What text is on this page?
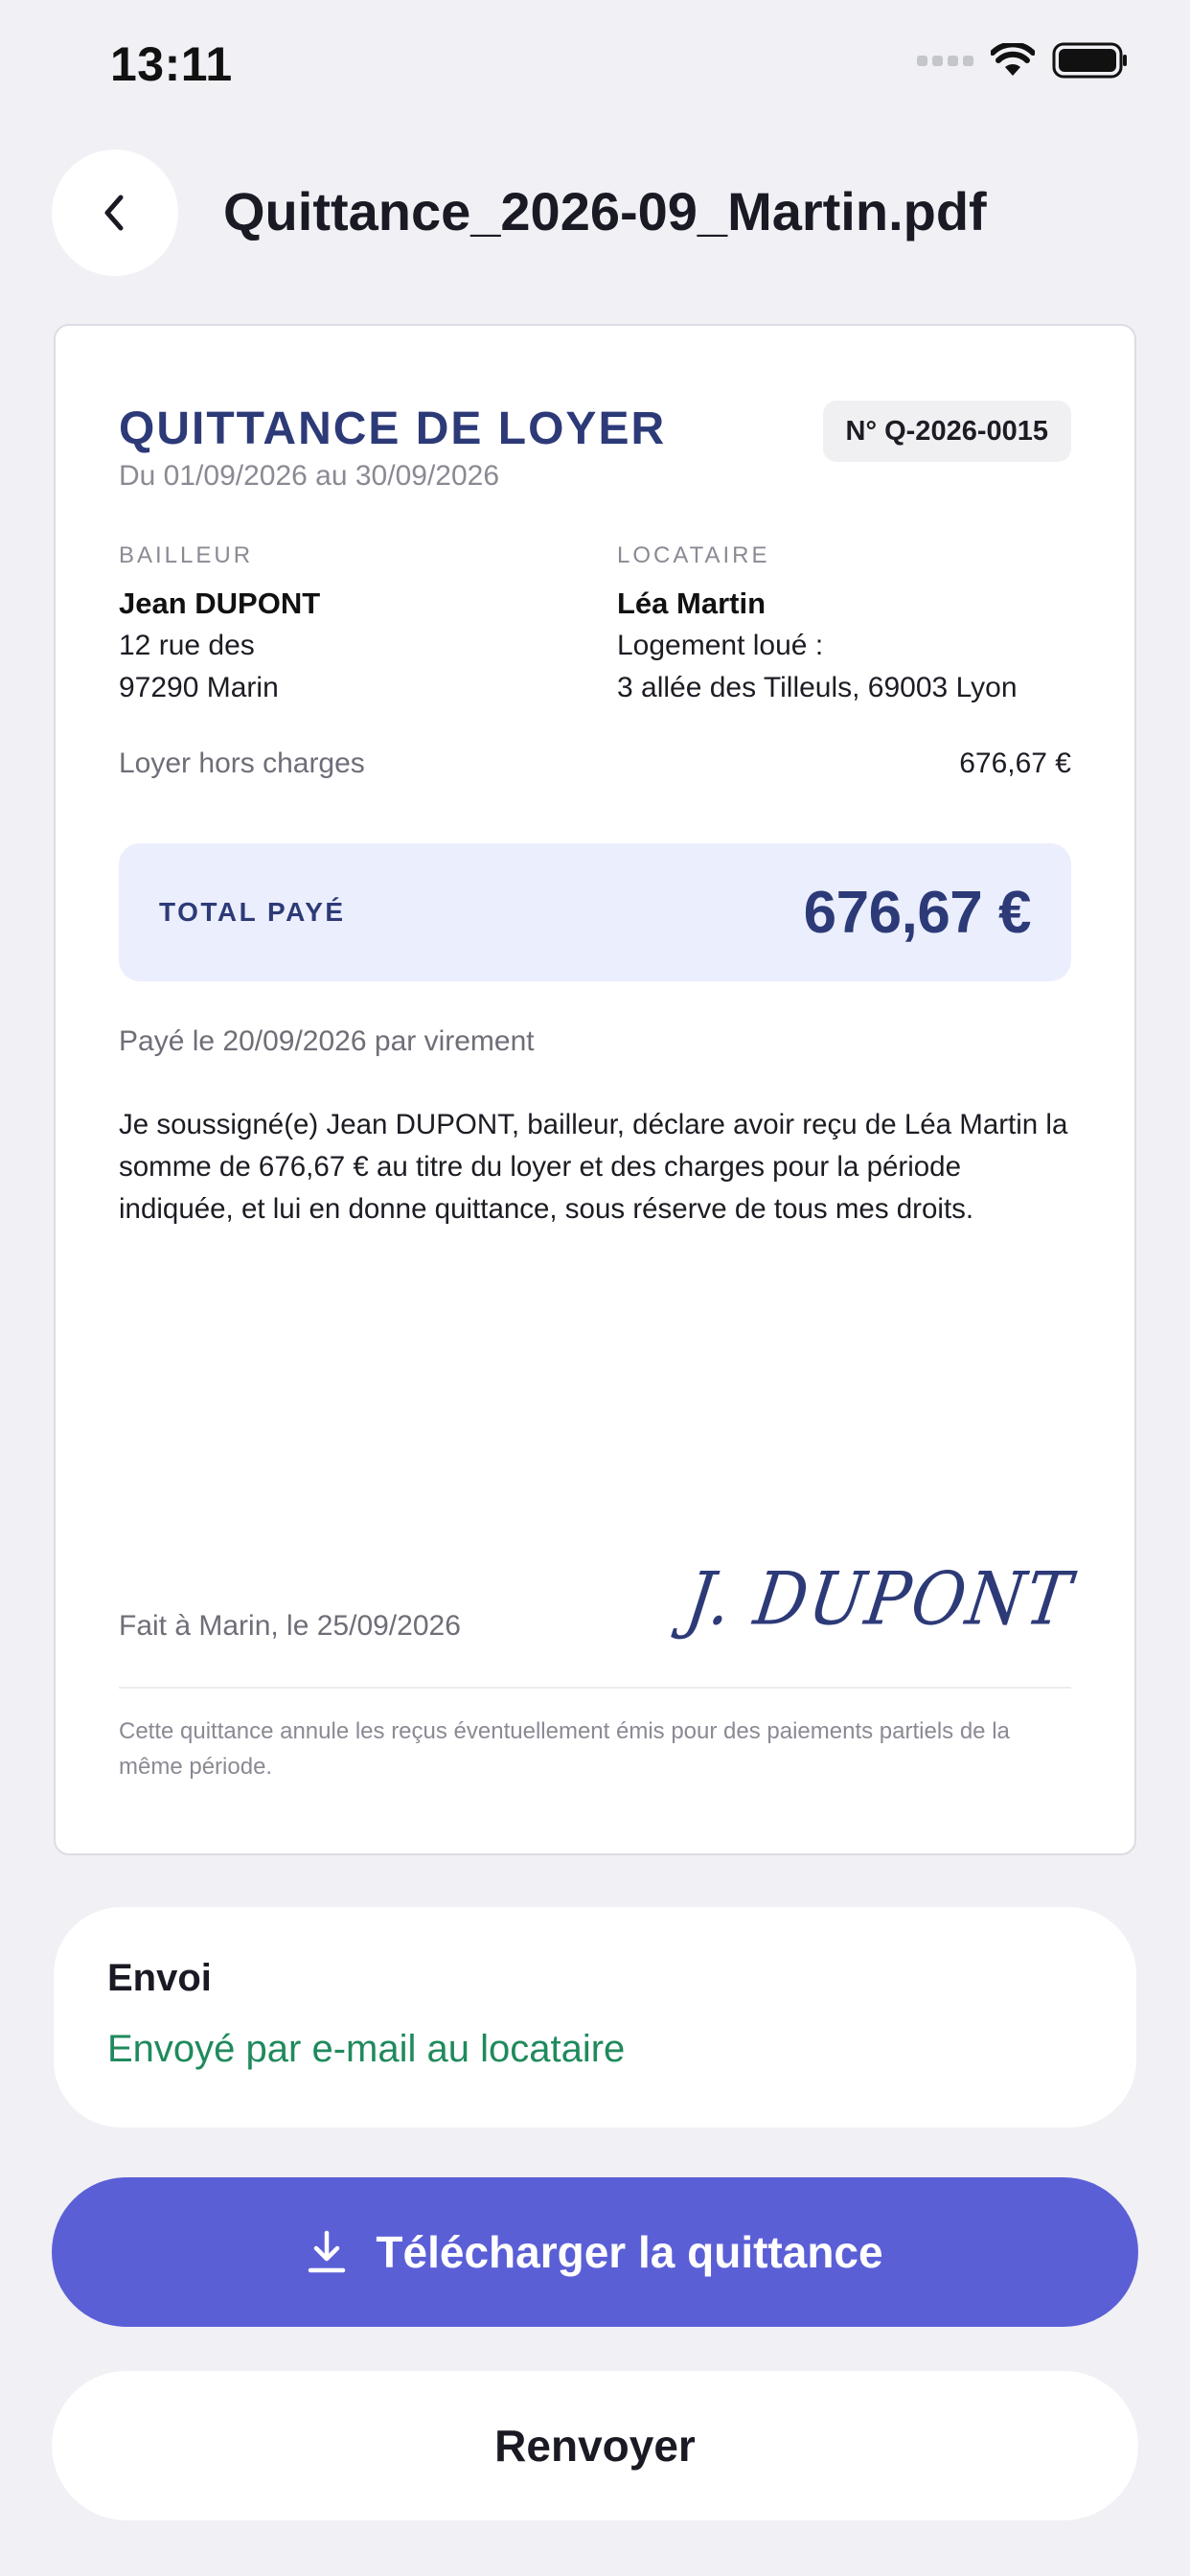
13:11
Quittance_2026-09_Martin.pdf
QUITTANCE DE LOYER
Du 01/09/2026 au 30/09/2026
N° Q-2026-0015
BAILLEUR
Jean DUPONT
12 rue des
97290 Marin
LOCATAIRE
Léa Martin
Logement loué :
3 allée des Tilleuls, 69003 Lyon
Loyer hors charges	676,67 €
TOTAL PAYÉ	676,67 €
Payé le 20/09/2026 par virement
Je soussigné(e) Jean DUPONT, bailleur, déclare avoir reçu de Léa Martin la somme de 676,67 € au titre du loyer et des charges pour la période indiquée, et lui en donne quittance, sous réserve de tous mes droits.
Fait à Marin, le 25/09/2026	J. DUPONT
Cette quittance annule les reçus éventuellement émis pour des paiements partiels de la même période.
Envoi
Envoyé par e-mail au locataire
Télécharger la quittance
Renvoyer
